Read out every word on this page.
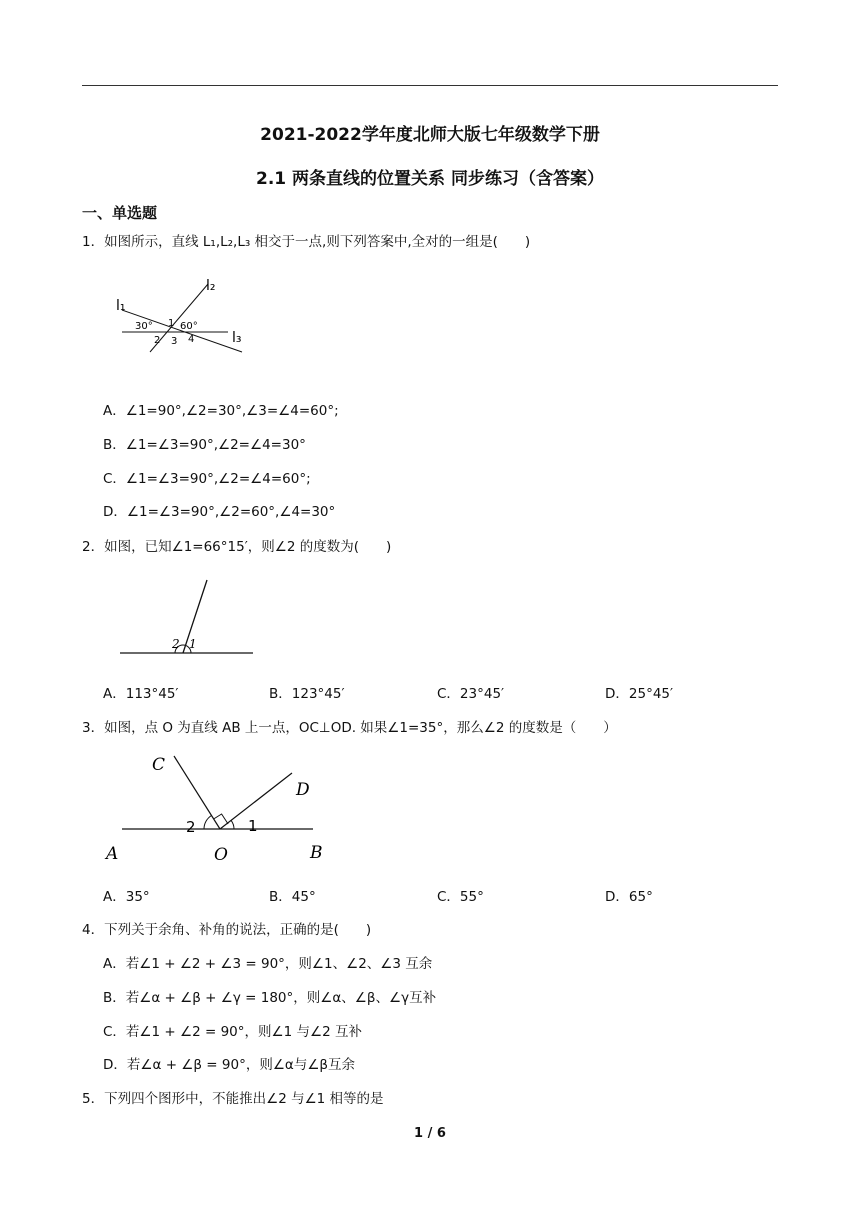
2021-2022学年度北师大版七年级数学下册
2.1 两条直线的位置关系 同步练习（含答案）
一、单选题
1．如图所示，直线 L₁,L₂,L₃ 相交于一点,则下列答案中,全对的一组是(　　)
l₁
l₂
l₃
30° 1 60°
2 3 4
A．∠1=90°,∠2=30°,∠3=∠4=60°;
B．∠1=∠3=90°,∠2=∠4=30°
C．∠1=∠3=90°,∠2=∠4=60°;
D．∠1=∠3=90°,∠2=60°,∠4=30°
2．如图，已知∠1=66°15′，则∠2 的度数为(　　)
2 1
A．113°45′	B．123°45′	C．23°45′	D．25°45′
3．如图，点 O 为直线 AB 上一点，OC⊥OD. 如果∠1=35°，那么∠2 的度数是（　　）
C
D
A	O	B
2	1
A．35°	B．45°	C．55°	D．65°
4．下列关于余角、补角的说法，正确的是(　　)
A．若∠1 + ∠2 + ∠3 = 90°，则∠1、∠2、∠3 互余
B．若∠α + ∠β + ∠γ = 180°，则∠α、∠β、∠γ互补
C．若∠1 + ∠2 = 90°，则∠1 与∠2 互补
D．若∠α + ∠β = 90°，则∠α与∠β互余
5．下列四个图形中，不能推出∠2 与∠1 相等的是
1 / 6
